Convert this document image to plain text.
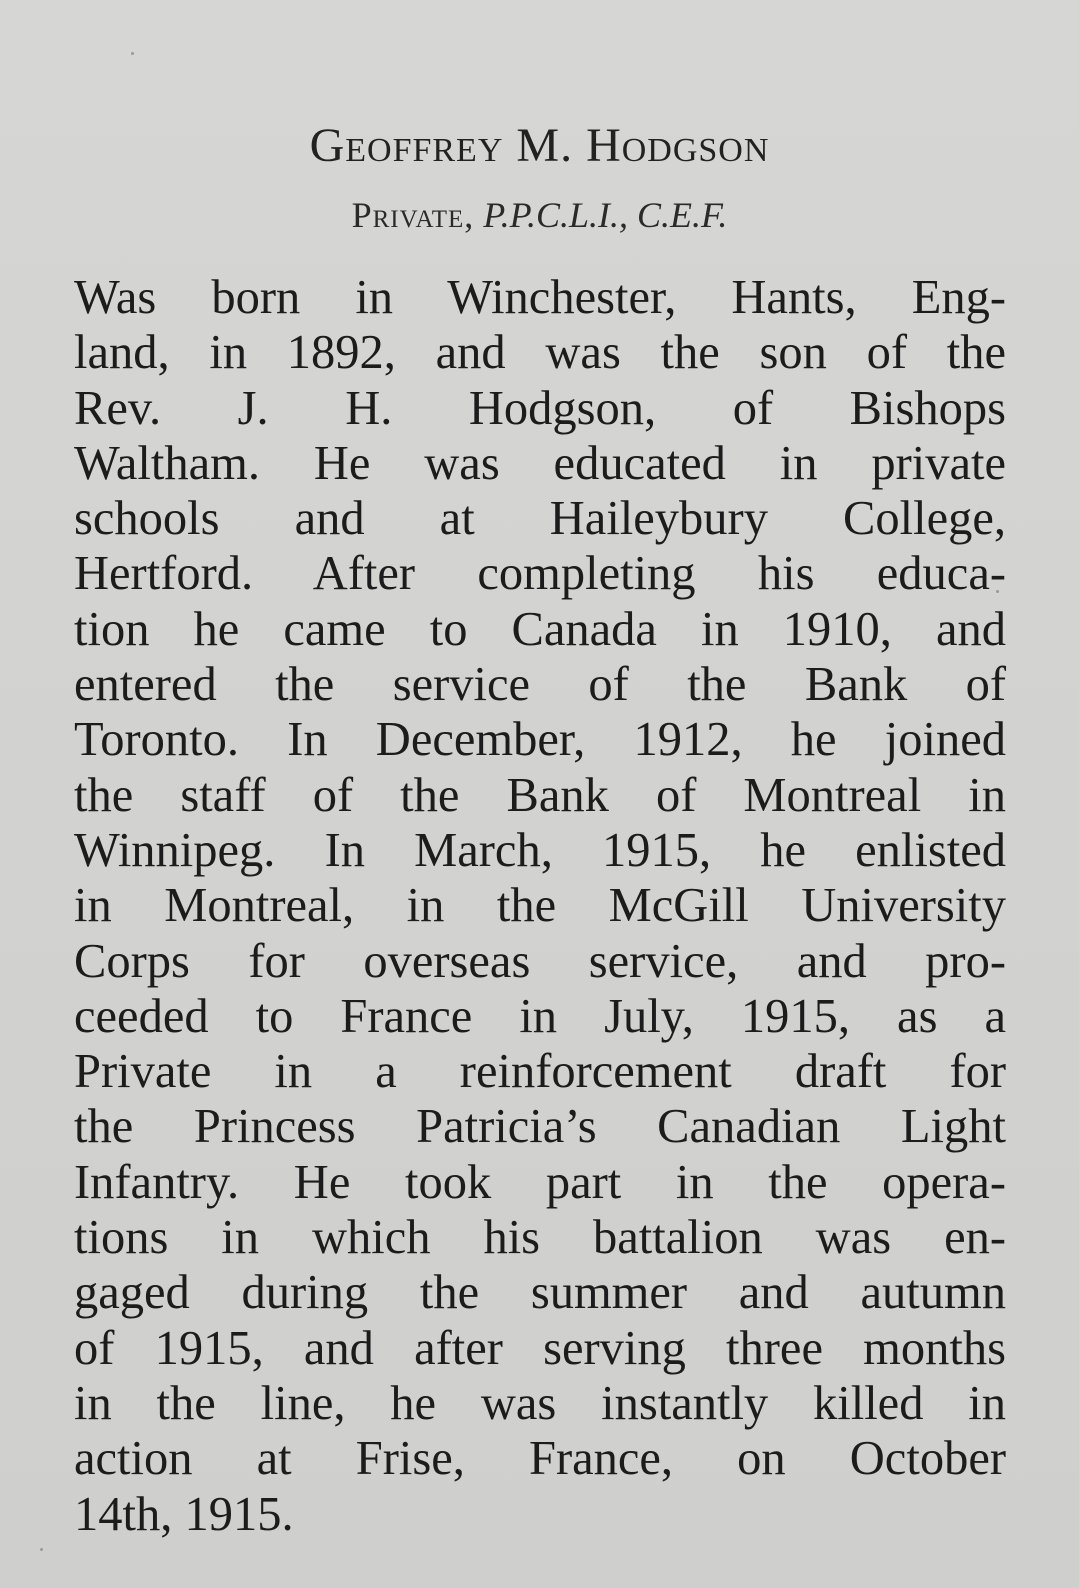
Geoffrey M. Hodgson
Private, P.P.C.L.I., C.E.F.
Was born in Winchester, Hants, Eng-
land, in 1892, and was the son of the
Rev. J. H. Hodgson, of Bishops
Waltham. He was educated in private
schools and at Haileybury College,
Hertford. After completing his educa-
tion he came to Canada in 1910, and
entered the service of the Bank of
Toronto. In December, 1912, he joined
the staff of the Bank of Montreal in
Winnipeg. In March, 1915, he enlisted
in Montreal, in the McGill University
Corps for overseas service, and pro-
ceeded to France in July, 1915, as a
Private in a reinforcement draft for
the Princess Patricia’s Canadian Light
Infantry. He took part in the opera-
tions in which his battalion was en-
gaged during the summer and autumn
of 1915, and after serving three months
in the line, he was instantly killed in
action at Frise, France, on October
14th, 1915.
